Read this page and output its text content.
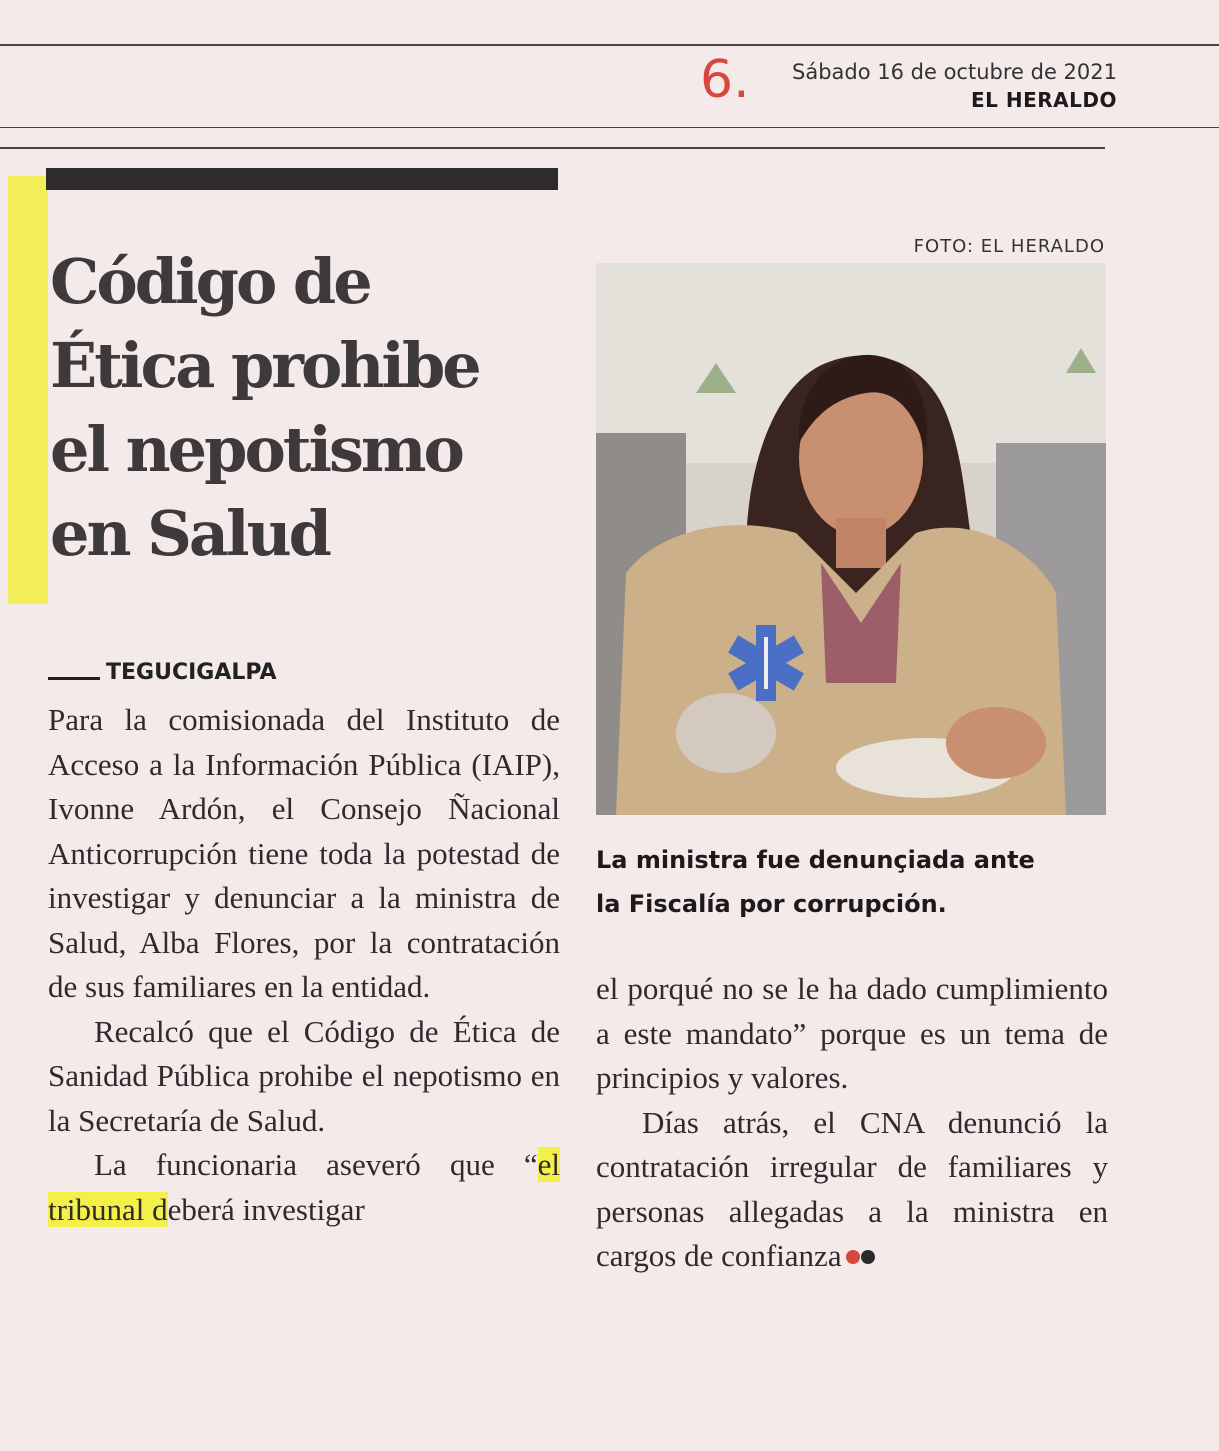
6. Sábado 16 de octubre de 2021
EL HERALDO
Código de
Ética prohibe
el nepotismo
en Salud
FOTO: EL HERALDO
La ministra fue denunçiada ante
la Fiscalía por corrupción.
TEGUCIGALPA

Para la comisionada del Instituto de Acceso a la Información Pública (IAIP), Ivonne Ardón, el Consejo Ñacional Anticorrupción tiene toda la potestad de investigar y denunciar a la ministra de Salud, Alba Flores, por la contratación de sus familiares en la entidad.

Recalcó que el Código de Ética de Sanidad Pública prohibe el nepotismo en la Secretaría de Salud.

La funcionaria aseveró que “el tribunal deberá investigar

el porqué no se le ha dado cumplimiento a este mandato” porque es un tema de principios y valores.

Días atrás, el CNA denunció la contratación irregular de familiares y personas allegadas a la ministra en cargos de confianza
